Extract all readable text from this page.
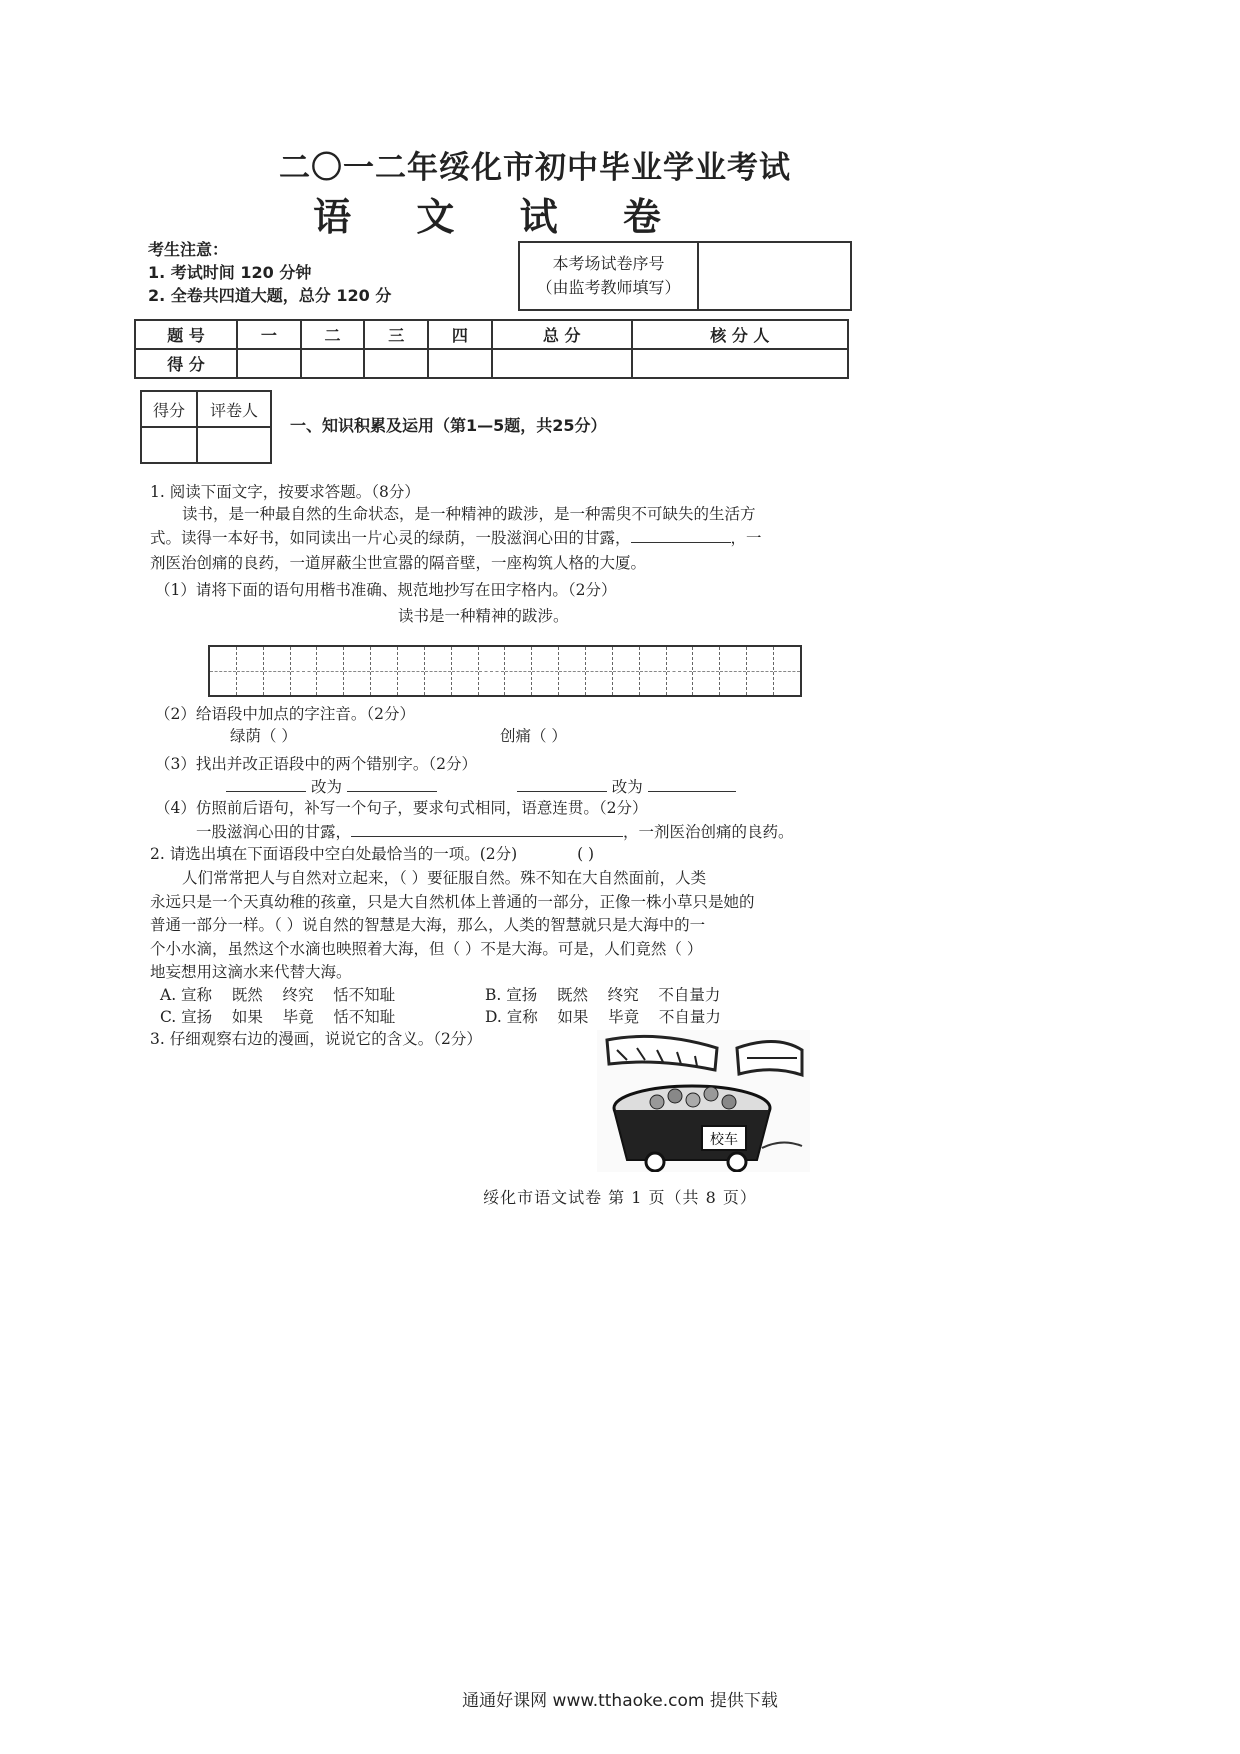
二〇一二年绥化市初中毕业学业考试
语 文 试 卷
考生注意：
1. 考试时间 120 分钟
2. 全卷共四道大题，总分 120 分
本考场试卷序号
（由监考教师填写）
题 号	一	二	三	四	总 分	核 分 人
得 分						
得分	评卷人

一、知识积累及运用（第1—5题，共25分）
1. 阅读下面文字，按要求答题。（8分）
读书，是一种最自然的生命状态，是一种精神的跋涉，是一种需臾不可缺失的生活方
式。读得一本好书，如同读出一片心灵的绿荫，一股滋润心田的甘露，	，一
剂医治创痛的良药，一道屏蔽尘世宣嚣的隔音壁，一座构筑人格的大厦。
（1）请将下面的语句用楷书准确、规范地抄写在田字格内。（2分）
读书是一种精神的跋涉。
（2）给语段中加点的字注音。（2分）
绿荫（ ）	创痛（ ）
（3）找出并改正语段中的两个错别字。（2分）
改为	改为
（4）仿照前后语句，补写一个句子，要求句式相同，语意连贯。（2分）
一股滋润心田的甘露，	，一剂医治创痛的良药。
2. 请选出填在下面语段中空白处最恰当的一项。(2分)	( )
人们常常把人与自然对立起来，（ ）要征服自然。殊不知在大自然面前，人类
永远只是一个天真幼稚的孩童，只是大自然机体上普通的一部分，正像一株小草只是她的
普通一部分一样。（ ）说自然的智慧是大海，那么，人类的智慧就只是大海中的一
个小水滴，虽然这个水滴也映照着大海，但（ ）不是大海。可是，人们竟然（ ）
地妄想用这滴水来代替大海。
A. 宣称    既然    终究    恬不知耻	B. 宣扬    既然    终究    不自量力
C. 宣扬    如果    毕竟    恬不知耻	D. 宣称    如果    毕竟    不自量力
3. 仔细观察右边的漫画，说说它的含义。（2分）
校车
绥化市语文试卷 第 1 页（共 8 页）
通通好课网 www.tthaoke.com 提供下载
